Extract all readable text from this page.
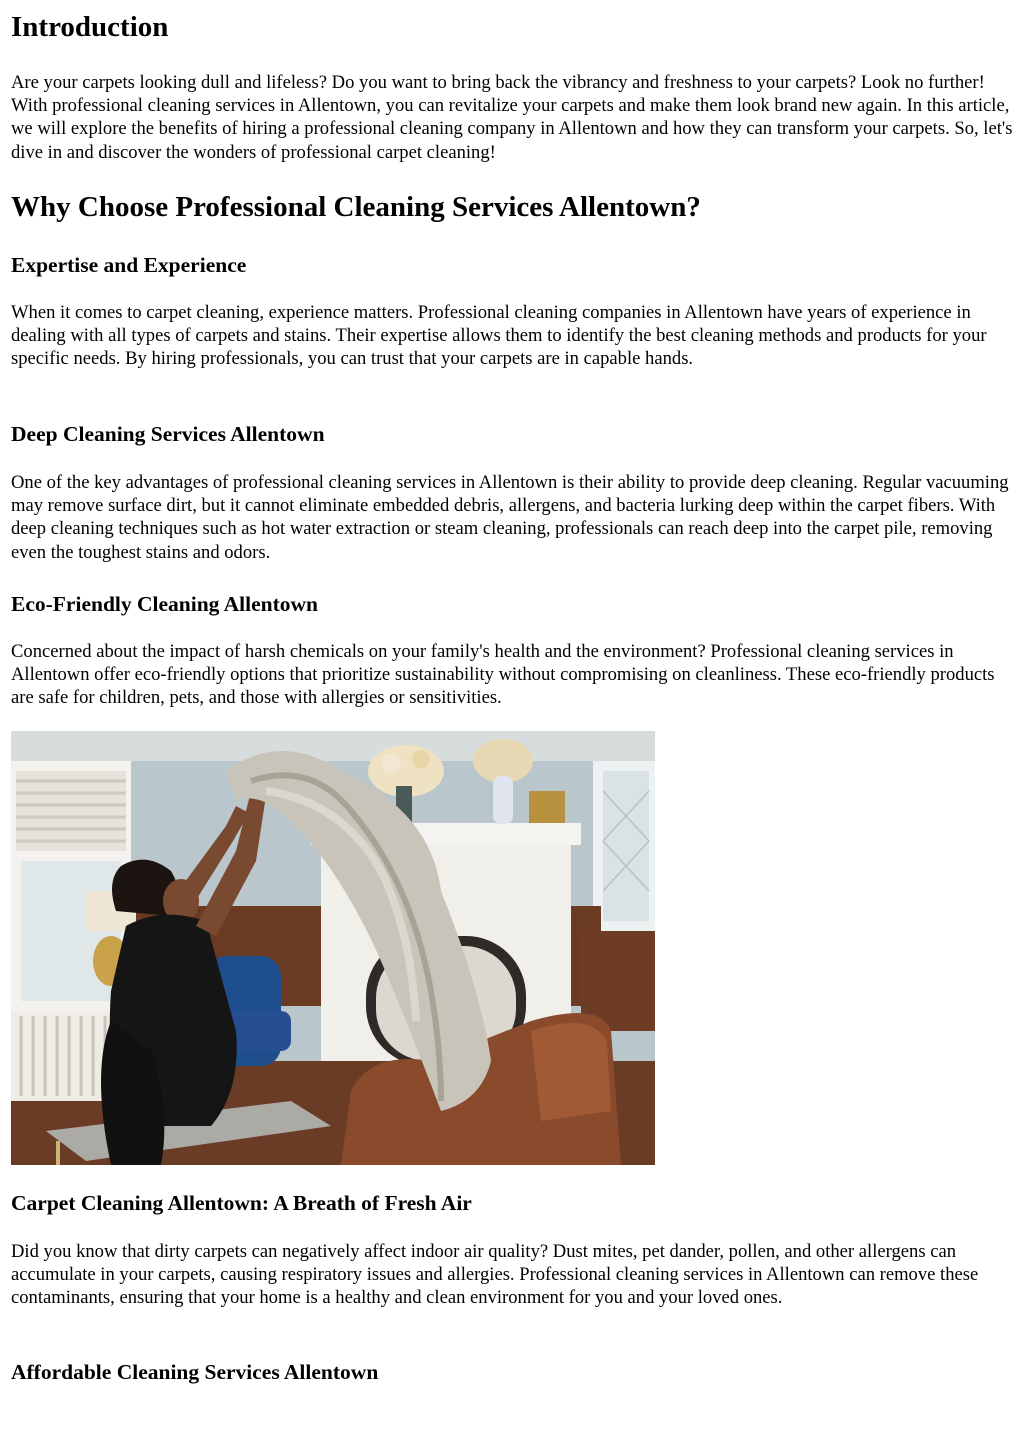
Introduction

Are your carpets looking dull and lifeless? Do you want to bring back the vibrancy and freshness to your carpets? Look no further! With professional cleaning services in Allentown, you can revitalize your carpets and make them look brand new again. In this article, we will explore the benefits of hiring a professional cleaning company in Allentown and how they can transform your carpets. So, let's dive in and discover the wonders of professional carpet cleaning!

Why Choose Professional Cleaning Services Allentown?
Expertise and Experience

When it comes to carpet cleaning, experience matters. Professional cleaning companies in Allentown have years of experience in dealing with all types of carpets and stains. Their expertise allows them to identify the best cleaning methods and products for your specific needs. By hiring professionals, you can trust that your carpets are in capable hands.

Deep Cleaning Services Allentown

One of the key advantages of professional cleaning services in Allentown is their ability to provide deep cleaning. Regular vacuuming may remove surface dirt, but it cannot eliminate embedded debris, allergens, and bacteria lurking deep within the carpet fibers. With deep cleaning techniques such as hot water extraction or steam cleaning, professionals can reach deep into the carpet pile, removing even the toughest stains and odors.

Eco-Friendly Cleaning Allentown

Concerned about the impact of harsh chemicals on your family's health and the environment? Professional cleaning services in Allentown offer eco-friendly options that prioritize sustainability without compromising on cleanliness. These eco-friendly products are safe for children, pets, and those with allergies or sensitivities.

Carpet Cleaning Allentown: A Breath of Fresh Air

Did you know that dirty carpets can negatively affect indoor air quality? Dust mites, pet dander, pollen, and other allergens can accumulate in your carpets, causing respiratory issues and allergies. Professional cleaning services in Allentown can remove these contaminants, ensuring that your home is a healthy and clean environment for you and your loved ones.

Affordable Cleaning Services Allentown
